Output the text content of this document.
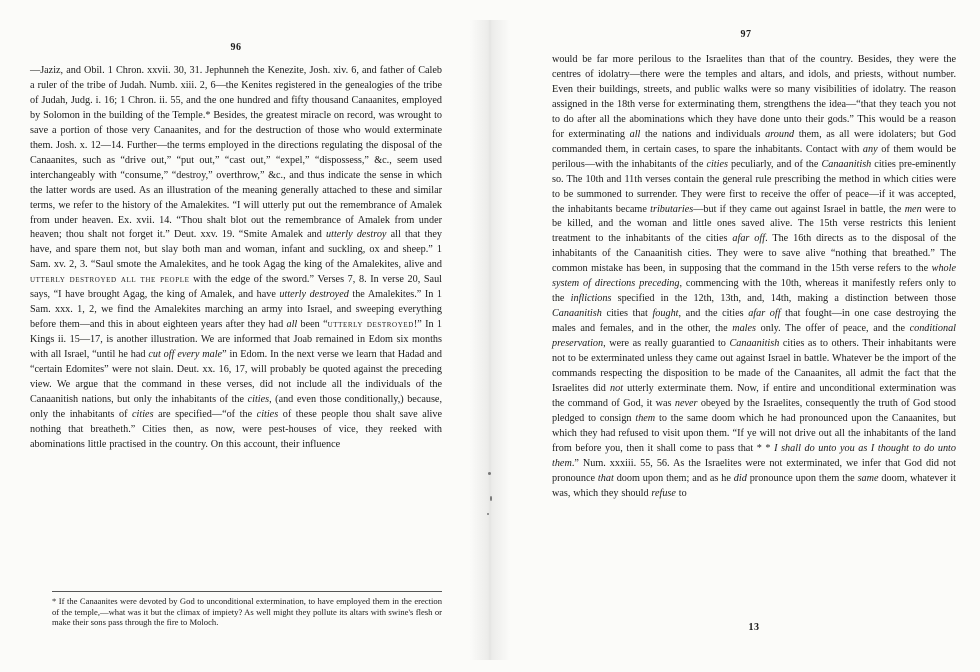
96
—Jaziz, and Obil. 1 Chron. xxvii. 30, 31. Jephunneh the Kenezite, Josh. xiv. 6, and father of Caleb a ruler of the tribe of Judah. Numb. xiii. 2, 6—the Kenites registered in the genealogies of the tribe of Judah, Judg. i. 16; 1 Chron. ii. 55, and the one hundred and fifty thousand Canaanites, employed by Solomon in the building of the Temple.* Besides, the greatest miracle on record, was wrought to save a portion of those very Canaanites, and for the destruction of those who would exterminate them. Josh. x. 12—14. Further—the terms employed in the directions regulating the disposal of the Canaanites, such as “drive out,” “put out,” “cast out,” “expel,” “dispossess,” &c., seem used interchangeably with “consume,” “destroy,” overthrow,” &c., and thus indicate the sense in which the latter words are used. As an illustration of the meaning generally attached to these and similar terms, we refer to the history of the Amalekites. “I will utterly put out the remembrance of Amalek from under heaven. Ex. xvii. 14. “Thou shalt blot out the remembrance of Amalek from under heaven; thou shalt not forget it.” Deut. xxv. 19. “Smite Amalek and utterly destroy all that they have, and spare them not, but slay both man and woman, infant and suckling, ox and sheep.” 1 Sam. xv. 2, 3. “Saul smote the Amalekites, and he took Agag the king of the Amalekites, alive and utterly destroyed all the people with the edge of the sword.” Verses 7, 8. In verse 20, Saul says, “I have brought Agag, the king of Amalek, and have utterly destroyed the Amalekites.” In 1 Sam. xxx. 1, 2, we find the Amalekites marching an army into Israel, and sweeping everything before them—and this in about eighteen years after they had all been “utterly destroyed!” In 1 Kings ii. 15—17, is another illustration. We are informed that Joab remained in Edom six months with all Israel, “until he had cut off every male” in Edom. In the next verse we learn that Hadad and “certain Edomites” were not slain. Deut. xx. 16, 17, will probably be quoted against the preceding view. We argue that the command in these verses, did not include all the individuals of the Canaanitish nations, but only the inhabitants of the cities, (and even those conditionally,) because, only the inhabitants of cities are specified—“of the cities of these people thou shalt save alive nothing that breatheth.” Cities then, as now, were pest-houses of vice, they reeked with abominations little practised in the country. On this account, their influence
* If the Canaanites were devoted by God to unconditional extermination, to have employed them in the erection of the temple,—what was it but the climax of impiety? As well might they pollute its altars with swine's flesh or make their sons pass through the fire to Moloch.
97
would be far more perilous to the Israelites than that of the country. Besides, they were the centres of idolatry—there were the temples and altars, and idols, and priests, without number. Even their buildings, streets, and public walks were so many visibilities of idolatry. The reason assigned in the 18th verse for exterminating them, strengthens the idea—“that they teach you not to do after all the abominations which they have done unto their gods.” This would be a reason for exterminating all the nations and individuals around them, as all were idolaters; but God commanded them, in certain cases, to spare the inhabitants. Contact with any of them would be perilous—with the inhabitants of the cities peculiarly, and of the Canaanitish cities pre-eminently so. The 10th and 11th verses contain the general rule prescribing the method in which cities were to be summoned to surrender. They were first to receive the offer of peace—if it was accepted, the inhabitants became tributaries—but if they came out against Israel in battle, the men were to be killed, and the woman and little ones saved alive. The 15th verse restricts this lenient treatment to the inhabitants of the cities afar off. The 16th directs as to the disposal of the inhabitants of the Canaanitish cities. They were to save alive “nothing that breathed.” The common mistake has been, in supposing that the command in the 15th verse refers to the whole system of directions preceding, commencing with the 10th, whereas it manifestly refers only to the inflictions specified in the 12th, 13th, and, 14th, making a distinction between those Canaanitish cities that fought, and the cities afar off that fought—in one case destroying the males and females, and in the other, the males only. The offer of peace, and the conditional preservation, were as really guarantied to Canaanitish cities as to others. Their inhabitants were not to be exterminated unless they came out against Israel in battle. Whatever be the import of the commands respecting the disposition to be made of the Canaanites, all admit the fact that the Israelites did not utterly exterminate them. Now, if entire and unconditional extermination was the command of God, it was never obeyed by the Israelites, consequently the truth of God stood pledged to consign them to the same doom which he had pronounced upon the Canaanites, but which they had refused to visit upon them. “If ye will not drive out all the inhabitants of the land from before you, then it shall come to pass that * * I shall do unto you as I thought to do unto them.” Num. xxxiii. 55, 56. As the Israelites were not exterminated, we infer that God did not pronounce that doom upon them; and as he did pronounce upon them the same doom, whatever it was, which they should refuse to
13
